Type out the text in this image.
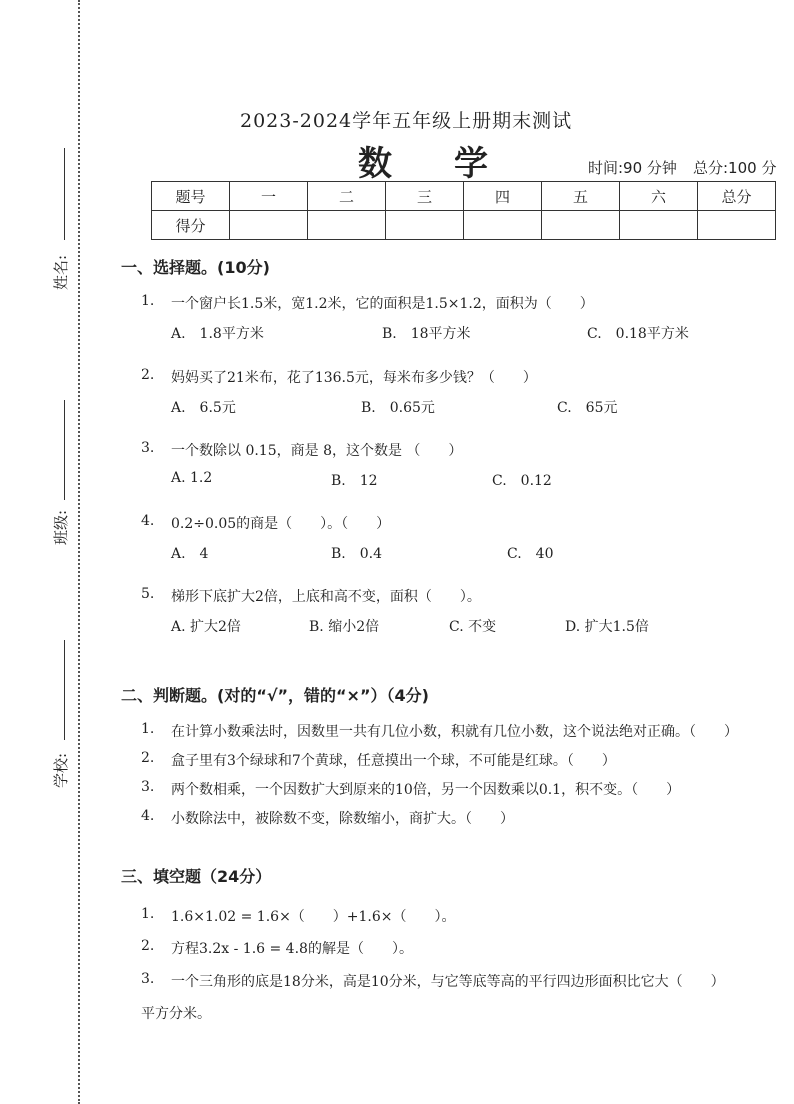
姓名:
班级:
学校:
2023-2024学年五年级上册期末测试
数学	时间:90 分钟 总分:100 分
题号	一	二	三	四	五	六	总分
得分							
一、选择题。(10分)
1. 一个窗户长1.5米，宽1.2米，它的面积是1.5×1.2，面积为（　　）
A.　1.8平方米	B.　18平方米	C.　0.18平方米
2. 妈妈买了21米布，花了136.5元，每米布多少钱？（　　）
A.　6.5元	B.　0.65元	C.　65元
3. 一个数除以 0.15，商是 8，这个数是 （　　）
A. 1.2	B.　12	C.　0.12
4. 0.2÷0.05的商是（　　）。（　　）
A.　4	B.　0.4	C.　40
5. 梯形下底扩大2倍，上底和高不变，面积（　　）。
A. 扩大2倍	B. 缩小2倍	C. 不变	D. 扩大1.5倍
二、判断题。(对的“√”，错的“×”）（4分)
1. 在计算小数乘法时，因数里一共有几位小数，积就有几位小数，这个说法绝对正确。（　　）
2. 盒子里有3个绿球和7个黄球，任意摸出一个球，不可能是红球。（　　）
3. 两个数相乘，一个因数扩大到原来的10倍，另一个因数乘以0.1，积不变。（　　）
4. 小数除法中，被除数不变，除数缩小，商扩大。（　　）
三、填空题（24分）
1. 1.6×1.02 = 1.6×（　　）+1.6×（　　）。
2. 方程3.2x - 1.6 = 4.8的解是（　　）。
3. 一个三角形的底是18分米，高是10分米，与它等底等高的平行四边形面积比它大（　　）
平方分米。
